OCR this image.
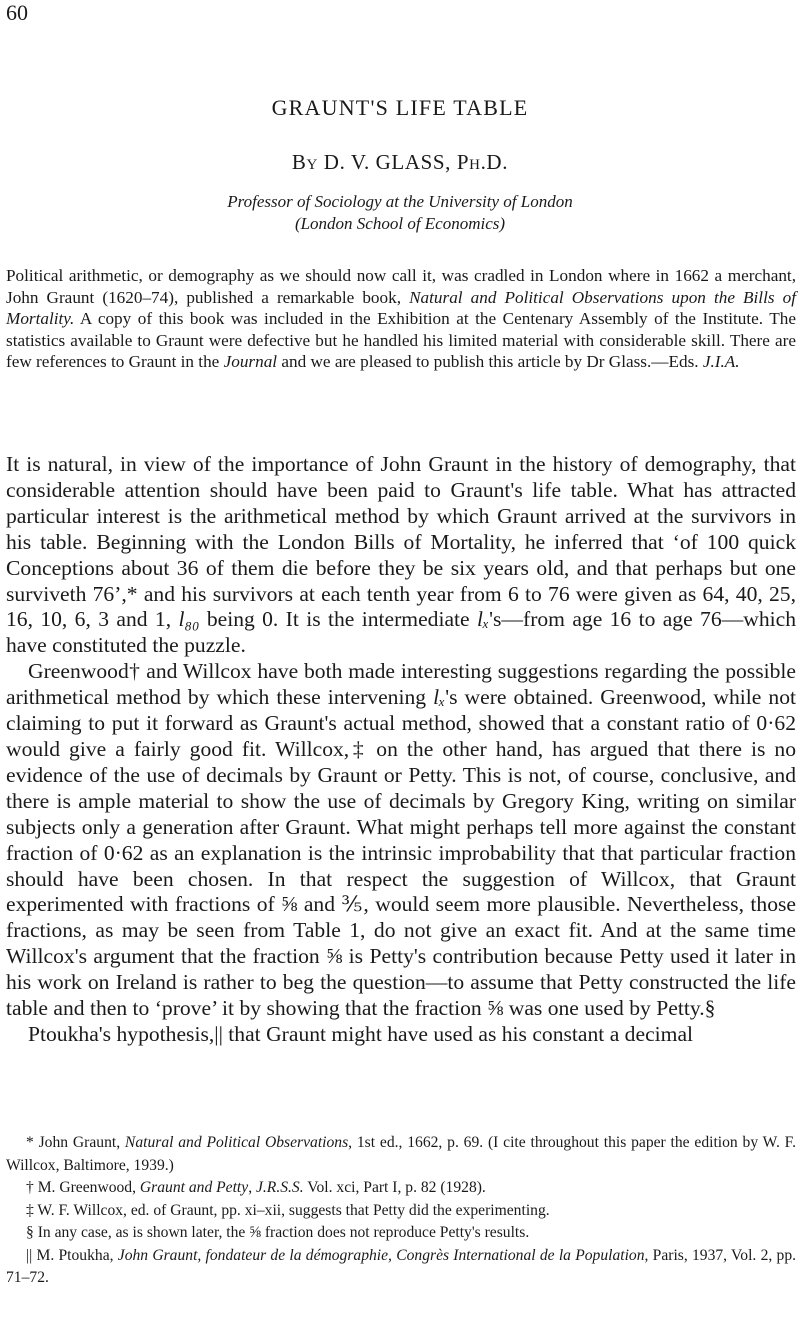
60
GRAUNT'S LIFE TABLE
By D. V. GLASS, Ph.D.
Professor of Sociology at the University of London
(London School of Economics)

Political arithmetic, or demography as we should now call it, was cradled in London where in 1662 a merchant, John Graunt (1620–74), published a remarkable book, Natural and Political Observations upon the Bills of Mortality. A copy of this book was included in the Exhibition at the Centenary Assembly of the Institute. The statistics available to Graunt were defective but he handled his limited material with considerable skill. There are few references to Graunt in the Journal and we are pleased to publish this article by Dr Glass.—Eds. J.I.A.

It is natural, in view of the importance of John Graunt in the history of demography, that considerable attention should have been paid to Graunt's life table. What has attracted particular interest is the arithmetical method by which Graunt arrived at the survivors in his table. Beginning with the London Bills of Mortality, he inferred that ‘of 100 quick Conceptions about 36 of them die before they be six years old, and that perhaps but one surviveth 76’,* and his survivors at each tenth year from 6 to 76 were given as 64, 40, 25, 16, 10, 6, 3 and 1, l₈₀ being 0. It is the intermediate lₓ's—from age 16 to age 76—which have constituted the puzzle.

Greenwood† and Willcox have both made interesting suggestions regarding the possible arithmetical method by which these intervening lₓ's were obtained. Greenwood, while not claiming to put it forward as Graunt's actual method, showed that a constant ratio of 0·62 would give a fairly good fit. Willcox,‡ on the other hand, has argued that there is no evidence of the use of decimals by Graunt or Petty. This is not, of course, conclusive, and there is ample material to show the use of decimals by Gregory King, writing on similar subjects only a generation after Graunt. What might perhaps tell more against the constant fraction of 0·62 as an explanation is the intrinsic improbability that that particular fraction should have been chosen. In that respect the suggestion of Willcox, that Graunt experimented with fractions of ⅝ and ⅗, would seem more plausible. Nevertheless, those fractions, as may be seen from Table 1, do not give an exact fit. And at the same time Willcox's argument that the fraction ⅝ is Petty's contribution because Petty used it later in his work on Ireland is rather to beg the question—to assume that Petty constructed the life table and then to ‘prove’ it by showing that the fraction ⅝ was one used by Petty.§

Ptoukha's hypothesis,|| that Graunt might have used as his constant a decimal

* John Graunt, Natural and Political Observations, 1st ed., 1662, p. 69. (I cite throughout this paper the edition by W. F. Willcox, Baltimore, 1939.)

† M. Greenwood, Graunt and Petty, J.R.S.S. Vol. xci, Part I, p. 82 (1928).

‡ W. F. Willcox, ed. of Graunt, pp. xi–xii, suggests that Petty did the experimenting.

§ In any case, as is shown later, the ⅝ fraction does not reproduce Petty's results.

|| M. Ptoukha, John Graunt, fondateur de la démographie, Congrès International de la Population, Paris, 1937, Vol. 2, pp. 71–72.
